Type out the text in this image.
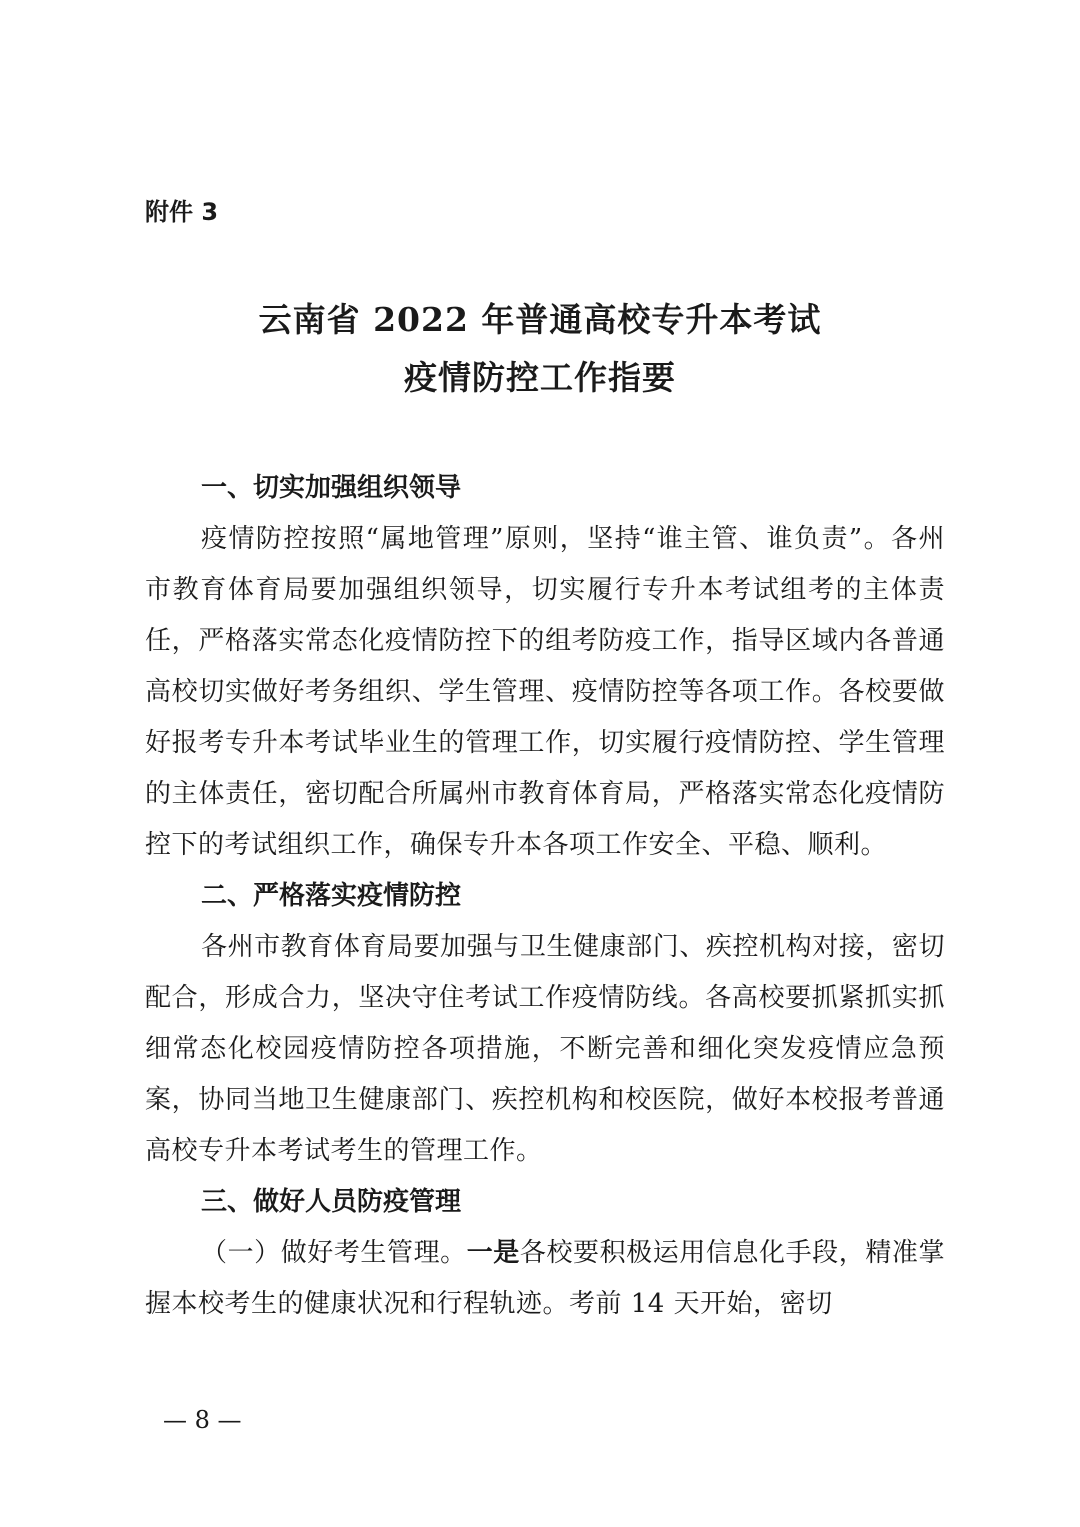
附件 3

云南省 2022 年普通高校专升本考试
疫情防控工作指要
一、切实加强组织领导

疫情防控按照“属地管理”原则，坚持“谁主管、谁负责”。各州市教育体育局要加强组织领导，切实履行专升本考试组考的主体责任，严格落实常态化疫情防控下的组考防疫工作，指导区域内各普通高校切实做好考务组织、学生管理、疫情防控等各项工作。各校要做好报考专升本考试毕业生的管理工作，切实履行疫情防控、学生管理的主体责任，密切配合所属州市教育体育局，严格落实常态化疫情防控下的考试组织工作，确保专升本各项工作安全、平稳、顺利。

二、严格落实疫情防控

各州市教育体育局要加强与卫生健康部门、疾控机构对接，密切配合，形成合力，坚决守住考试工作疫情防线。各高校要抓紧抓实抓细常态化校园疫情防控各项措施，不断完善和细化突发疫情应急预案，协同当地卫生健康部门、疾控机构和校医院，做好本校报考普通高校专升本考试考生的管理工作。

三、做好人员防疫管理

（一）做好考生管理。一是各校要积极运用信息化手段，精准掌握本校考生的健康状况和行程轨迹。考前 14 天开始，密切

— 8 —
